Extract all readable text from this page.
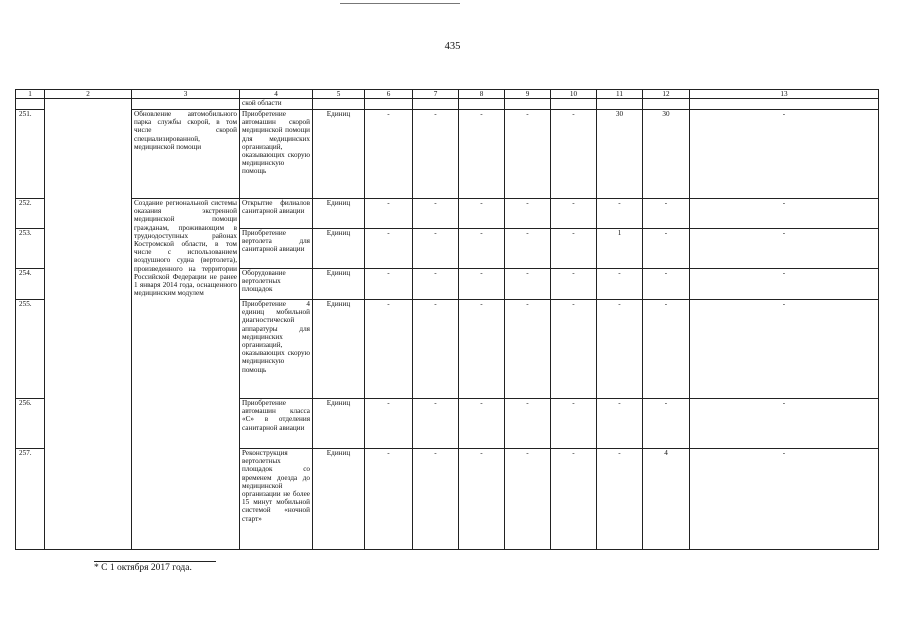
435
1	2	3	4	5	6	7	8	9	10	11	12	13
			ской области									
251.		Обновление автомобильного парка службы скорой, в том числе скорой специализированной, медицинской помощи	Приобретение автомашин скорой медицинской помощи для медицинских организаций, оказывающих скорую медицинскую помощь	Единиц	-	-	-	-	-	30	30	-
252.		Создание региональной системы оказания экстренной медицинской помощи гражданам, проживающим в труднодоступных районах Костромской области, в том числе с использованием воздушного судна (вертолета), произведенного на территории Российской Федерации не ранее 1 января 2014 года, оснащенного медицинским модулем	Открытие филиалов санитарной авиации	Единиц	-	-	-	-	-	-	-	-
253.			Приобретение вертолета для санитарной авиации	Единиц	-	-	-	-	-	1	-	-
254.			Оборудование вертолетных площадок	Единиц	-	-	-	-	-	-	-	-
255.			Приобретение 4 единиц мобильной диагностической аппаратуры для медицинских организаций, оказывающих скорую медицинскую помощь	Единиц	-	-	-	-	-	-	-	-
256.			Приобретение автомашин класса «С» в отделения санитарной авиации	Единиц	-	-	-	-	-	-	-	-
257.			Реконструкция вертолетных площадок со временем доезда до медицинской организации не более 15 минут мобильной системой «ночной старт»	Единиц	-	-	-	-	-	-	4	-
* С 1 октября 2017 года.
